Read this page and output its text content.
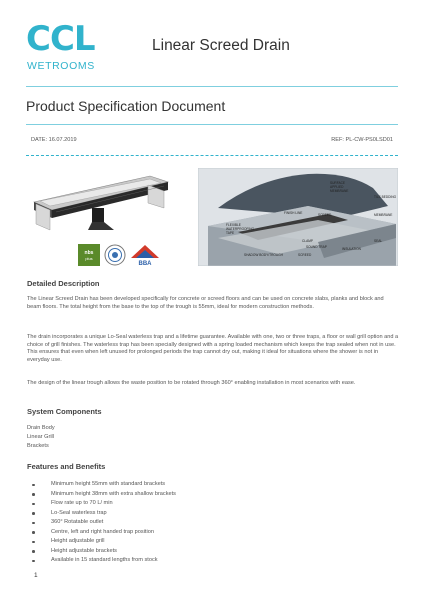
CCL
WETROOMS
Linear Screed Drain
Product Specification Document
DATE: 16.07.2019	REF: PL-CW-PS0LSD01
SURFACE
APPLIED
MEMBRANE
TILE BEDDING
FINISH LINE	SCREED	MEMBRANE
FLEXIBLE
WATERPROOFING
TAPE
CLAMP
SOUND TRAP
SEAL
INSULATION
SHADOW BODY/TROUGH	SCREED
nbs
plus
BBA
Detailed Description

The Linear Screed Drain has been developed specifically for concrete or screed floors and can be used on concrete slabs, planks and block and beam floors. The total height from the base to the top of the trough is 55mm, ideal for modern construction methods.

The drain incorporates a unique Lo-Seal waterless trap and a lifetime guarantee. Available with one, two or three traps, a floor or wall grill option and a choice of grill finishes. The waterless trap has been specially designed with a spring loaded mechanism which keeps the trap sealed when not in use. This ensures that even when left unused for prolonged periods the trap cannot dry out, making it ideal for situations where the shower is not in everyday use.

The design of the linear trough allows the waste position to be rotated through 360° enabling installation in most scenarios with ease.

System Components
Drain Body
Linear Grill
Brackets
Features and Benefits
Minimum height 55mm with standard brackets
Minimum height 38mm with extra shallow brackets
Flow rate up to 70 L/ min
Lo-Seal waterless trap
360° Rotatable outlet
Centre, left and right handed trap position
Height adjustable grill
Height adjustable brackets
Available in 15 standard lengths from stock
1
